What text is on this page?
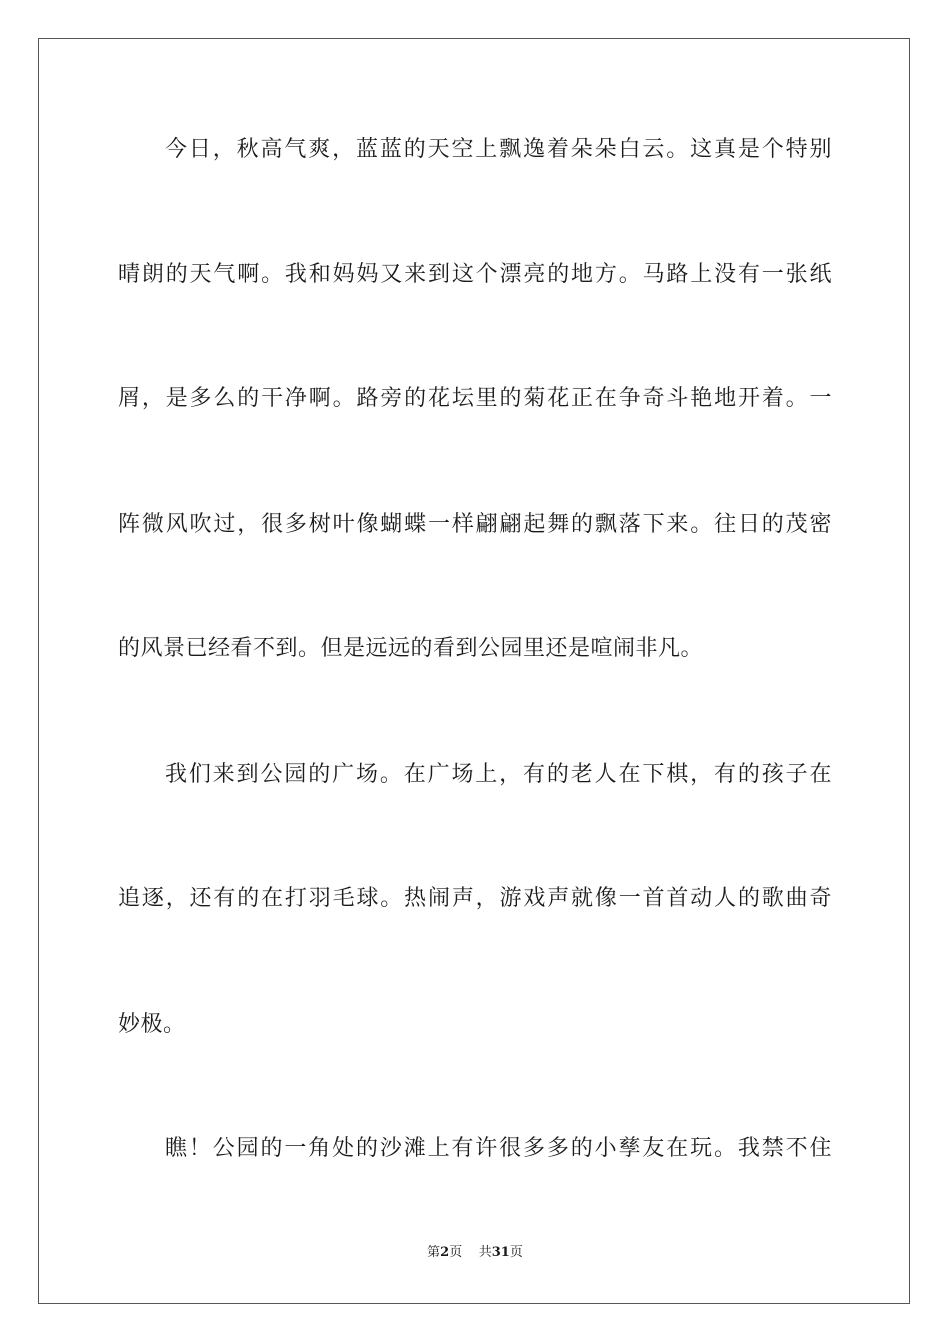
今日，秋高气爽，蓝蓝的天空上飘逸着朵朵白云。这真是个特别
晴朗的天气啊。我和妈妈又来到这个漂亮的地方。马路上没有一张纸
屑，是多么的干净啊。路旁的花坛里的菊花正在争奇斗艳地开着。一
阵微风吹过，很多树叶像蝴蝶一样翩翩起舞的飘落下来。往日的茂密
的风景已经看不到。但是远远的看到公园里还是喧闹非凡。
我们来到公园的广场。在广场上，有的老人在下棋，有的孩子在
追逐，还有的在打羽毛球。热闹声，游戏声就像一首首动人的歌曲奇
妙极。
瞧！公园的一角处的沙滩上有许很多多的小孳友在玩。我禁不住
第2页 共31页
